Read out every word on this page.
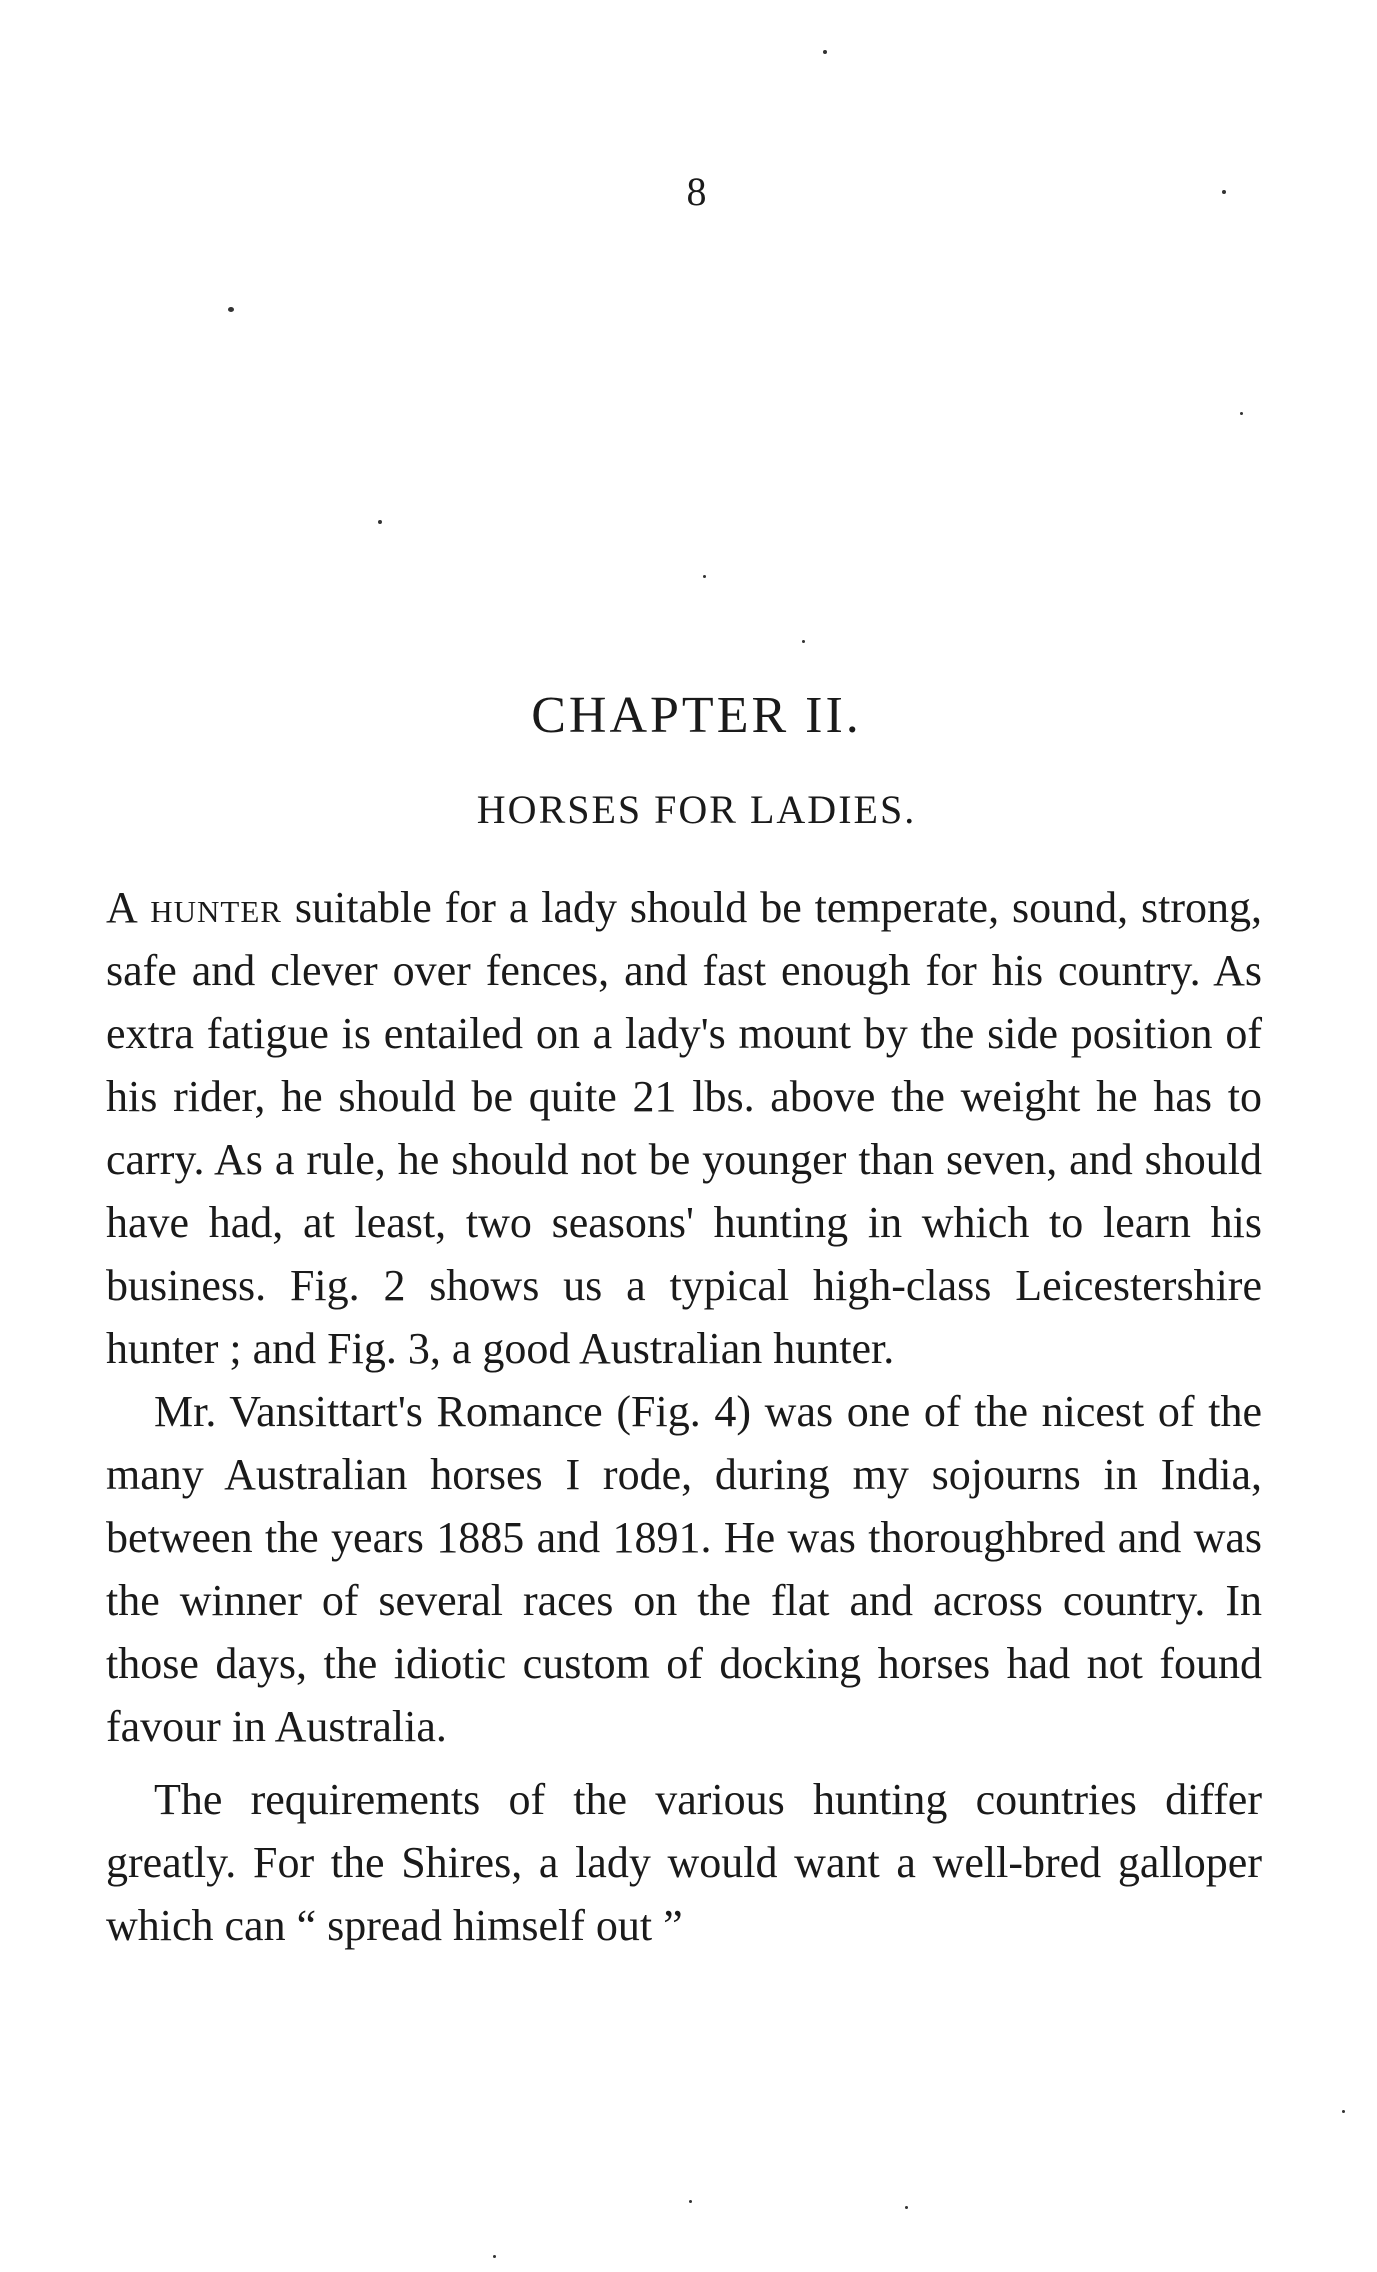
8
CHAPTER II.
HORSES FOR LADIES.

A hunter suitable for a lady should be temperate, sound, strong, safe and clever over fences, and fast enough for his country. As extra fatigue is entailed on a lady's mount by the side position of his rider, he should be quite 21 lbs. above the weight he has to carry. As a rule, he should not be younger than seven, and should have had, at least, two seasons' hunting in which to learn his business. Fig. 2 shows us a typical high-class Leicestershire hunter ; and Fig. 3, a good Australian hunter.

Mr. Vansittart's Romance (Fig. 4) was one of the nicest of the many Australian horses I rode, during my sojourns in India, between the years 1885 and 1891. He was thoroughbred and was the winner of several races on the flat and across country. In those days, the idiotic custom of docking horses had not found favour in Australia.

The requirements of the various hunting countries differ greatly. For the Shires, a lady would want a well-bred galloper which can “ spread himself out ”
